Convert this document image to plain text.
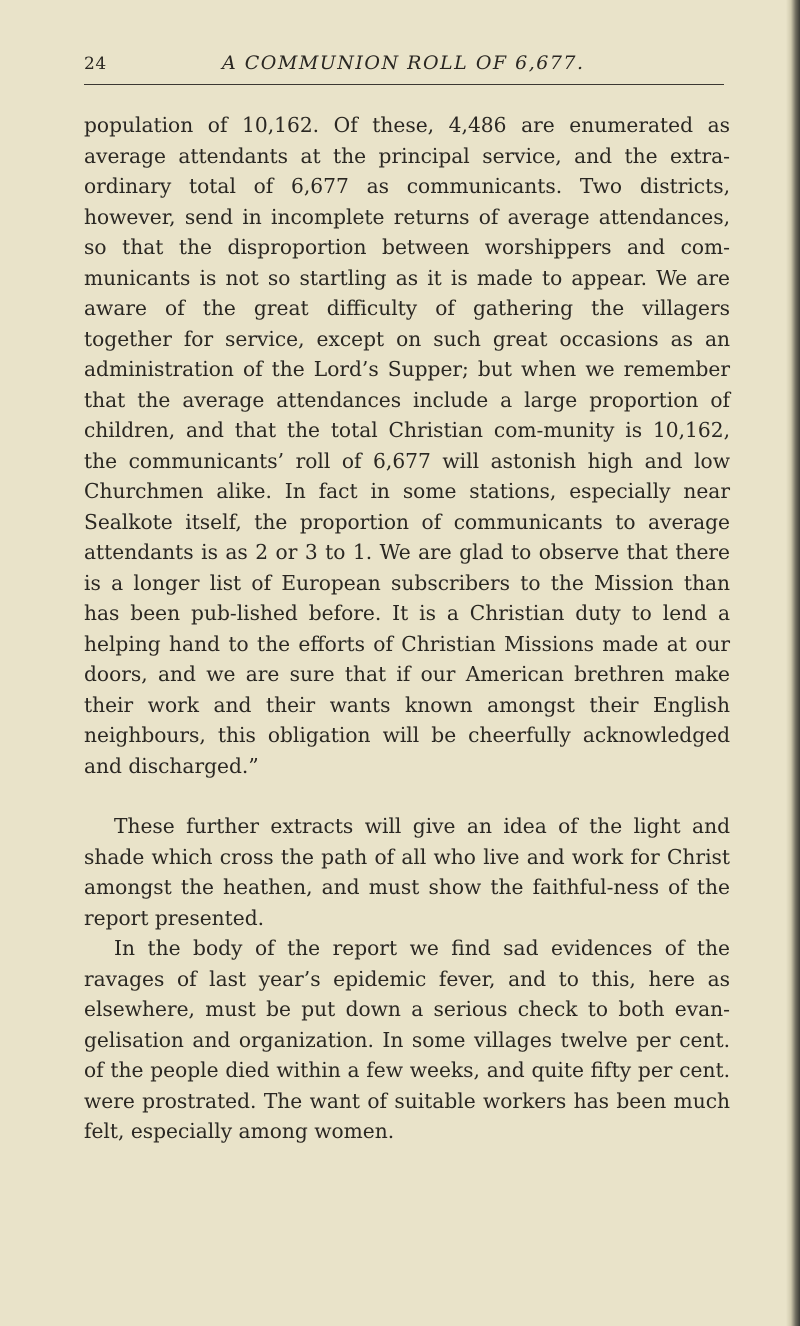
24	A COMMUNION ROLL OF 6,677.

population of 10,162. Of these, 4,486 are enumerated as average attendants at the principal service, and the extra-ordinary total of 6,677 as communicants. Two districts, however, send in incomplete returns of average attendances, so that the disproportion between worshippers and com-municants is not so startling as it is made to appear. We are aware of the great difficulty of gathering the villagers together for service, except on such great occasions as an administration of the Lord’s Supper; but when we remember that the average attendances include a large proportion of children, and that the total Christian com-munity is 10,162, the communicants’ roll of 6,677 will astonish high and low Churchmen alike. In fact in some stations, especially near Sealkote itself, the proportion of communicants to average attendants is as 2 or 3 to 1. We are glad to observe that there is a longer list of European subscribers to the Mission than has been pub-lished before. It is a Christian duty to lend a helping hand to the efforts of Christian Missions made at our doors, and we are sure that if our American brethren make their work and their wants known amongst their English neighbours, this obligation will be cheerfully acknowledged and discharged.”

These further extracts will give an idea of the light and shade which cross the path of all who live and work for Christ amongst the heathen, and must show the faithful-ness of the report presented.

In the body of the report we find sad evidences of the ravages of last year’s epidemic fever, and to this, here as elsewhere, must be put down a serious check to both evan-gelisation and organization. In some villages twelve per cent. of the people died within a few weeks, and quite fifty per cent. were prostrated. The want of suitable workers has been much felt, especially among women.
